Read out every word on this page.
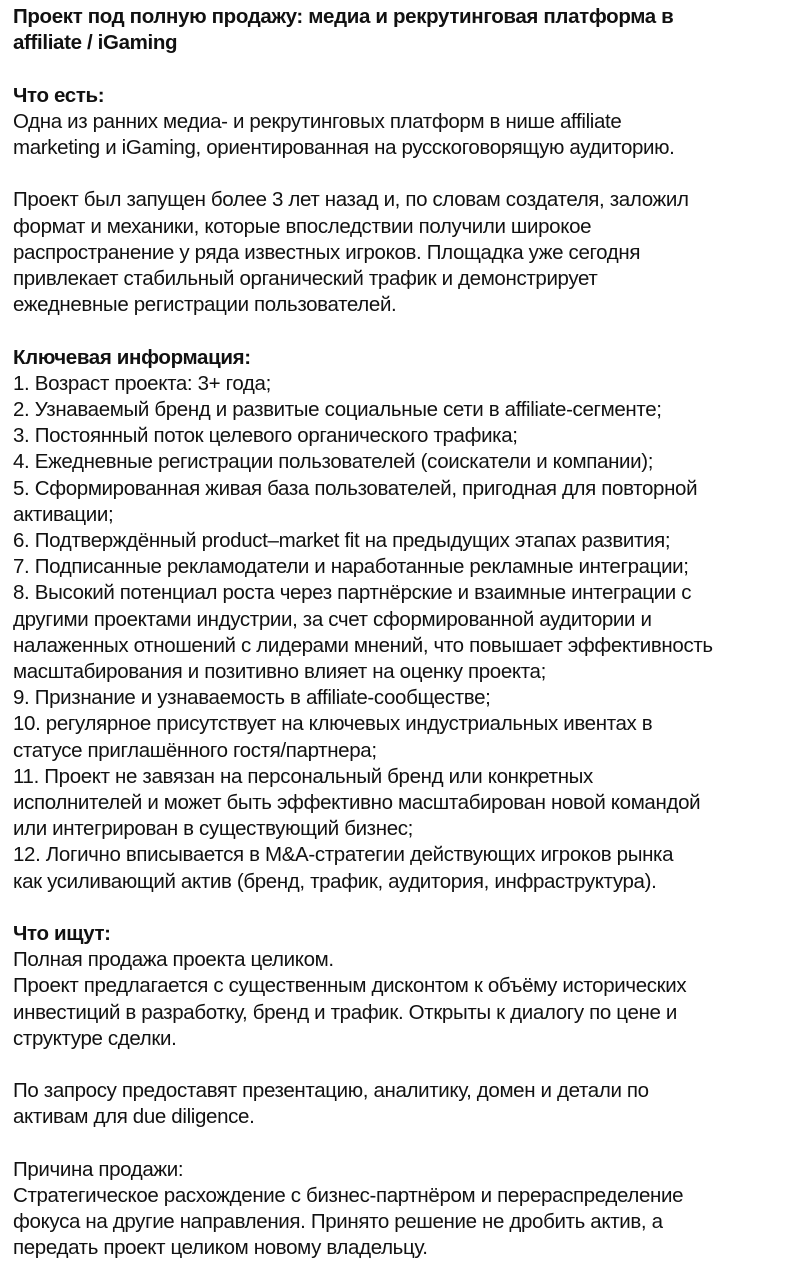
Проект под полную продажу: медиа и рекрутинговая платформа в
affiliate / iGaming
Что есть:
Одна из ранних медиа- и рекрутинговых платформ в нише affiliate
marketing и iGaming, ориентированная на русскоговорящую аудиторию.
Проект был запущен более 3 лет назад и, по словам создателя, заложил
формат и механики, которые впоследствии получили широкое
распространение у ряда известных игроков. Площадка уже сегодня
привлекает стабильный органический трафик и демонстрирует
ежедневные регистрации пользователей.
Ключевая информация:
1. Возраст проекта: 3+ года;
2. Узнаваемый бренд и развитые социальные сети в affiliate-сегменте;
3. Постоянный поток целевого органического трафика;
4. Ежедневные регистрации пользователей (соискатели и компании);
5. Сформированная живая база пользователей, пригодная для повторной
активации;
6. Подтверждённый product–market fit на предыдущих этапах развития;
7. Подписанные рекламодатели и наработанные рекламные интеграции;
8. Высокий потенциал роста через партнёрские и взаимные интеграции с
другими проектами индустрии, за счет сформированной аудитории и
налаженных отношений с лидерами мнений, что повышает эффективность
масштабирования и позитивно влияет на оценку проекта;
9. Признание и узнаваемость в affiliate-сообществе;
10. регулярное присутствует на ключевых индустриальных ивентах в
статусе приглашённого гостя/партнера;
11. Проект не завязан на персональный бренд или конкретных
исполнителей и может быть эффективно масштабирован новой командой
или интегрирован в существующий бизнес;
12. Логично вписывается в M&A-стратегии действующих игроков рынка
как усиливающий актив (бренд, трафик, аудитория, инфраструктура).
Что ищут:
Полная продажа проекта целиком.
Проект предлагается с существенным дисконтом к объёму исторических
инвестиций в разработку, бренд и трафик. Открыты к диалогу по цене и
структуре сделки.
По запросу предоставят презентацию, аналитику, домен и детали по
активам для due diligence.
Причина продажи:
Стратегическое расхождение с бизнес-партнёром и перераспределение
фокуса на другие направления. Принято решение не дробить актив, а
передать проект целиком новому владельцу.
